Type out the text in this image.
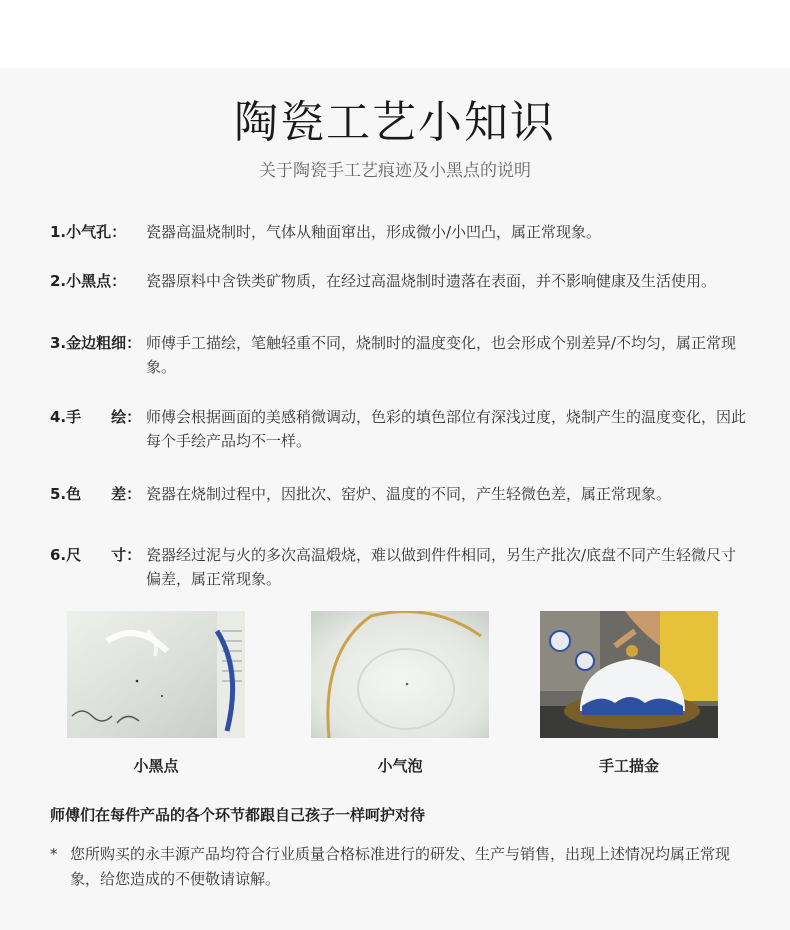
陶瓷工艺小知识
关于陶瓷手工艺痕迹及小黑点的说明
1.小气孔： 瓷器高温烧制时，气体从釉面窜出，形成微小/小凹凸，属正常现象。
2.小黑点： 瓷器原料中含铁类矿物质，在经过高温烧制时遗落在表面，并不影响健康及生活使用。
3.金边粗细： 师傅手工描绘，笔触轻重不同，烧制时的温度变化，也会形成个别差异/不均匀，属正常现象。
4.手　　绘： 师傅会根据画面的美感稍微调动，色彩的填色部位有深浅过度，烧制产生的温度变化，因此每个手绘产品均不一样。
5.色　　差： 瓷器在烧制过程中，因批次、窑炉、温度的不同，产生轻微色差，属正常现象。
6.尺　　寸： 瓷器经过泥与火的多次高温煅烧，难以做到件件相同，另生产批次/底盘不同产生轻微尺寸偏差，属正常现象。
小黑点	小气泡	手工描金
师傅们在每件产品的各个环节都跟自己孩子一样呵护对待
* 您所购买的永丰源产品均符合行业质量合格标准进行的研发、生产与销售，出现上述情况均属正常现象，给您造成的不便敬请谅解。
